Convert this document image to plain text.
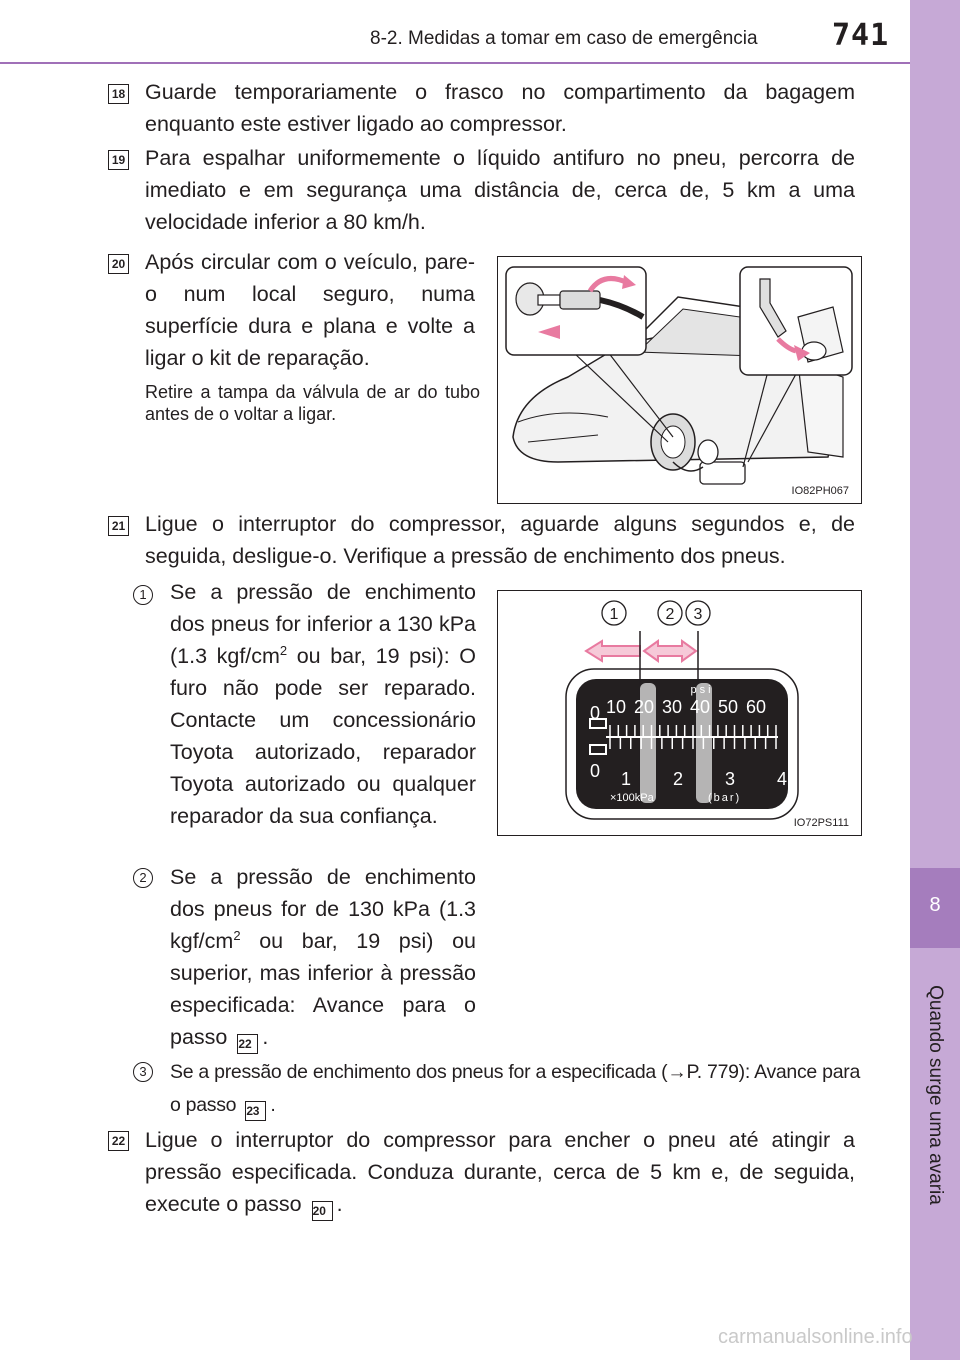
8-2. Medidas a tomar em caso de emergência 741
8
Quando surge uma avaria
18 Guarde temporariamente o frasco no compartimento da bagagem enquanto este estiver ligado ao compressor.
19 Para espalhar uniformemente o líquido antifuro no pneu, percorra de imediato e em segurança uma distância de, cerca de, 5 km a uma velocidade inferior a 80 km/h.
20 Após circular com o veículo, pare-o num local seguro, numa superfície dura e plana e volte a ligar o kit de reparação.
Retire a tampa da válvula de ar do tubo antes de o voltar a ligar.
IO82PH067
21 Ligue o interruptor do compressor, aguarde alguns segundos e, de seguida, desligue-o. Verifique a pressão de enchimento dos pneus.
1 Se a pressão de enchimento dos pneus for inferior a 130 kPa (1.3 kgf/$cm^2$ ou bar, 19 psi): O furo não pode ser reparado. Contacte um concessionário Toyota autorizado, reparador Toyota autorizado ou qualquer reparador da sua confiança.
1	2 3
psi
0 10 20 30 40 50 60
0 1 2 3 4
×100kPa	(bar)
IO72PS111
2 Se a pressão de enchimento dos pneus for de 130 kPa (1.3 kgf/$cm^2$ ou bar, 19 psi) ou superior, mas inferior à pressão especificada: Avance para o passo 22 .
3	Se a pressão de enchimento dos pneus for a especificada (→P. 779): Avance para o passo 23 .
22 Ligue o interruptor do compressor para encher o pneu até atingir a pressão especificada. Conduza durante, cerca de 5 km e, de seguida, execute o passo 20 .
carmanualsonline.info
